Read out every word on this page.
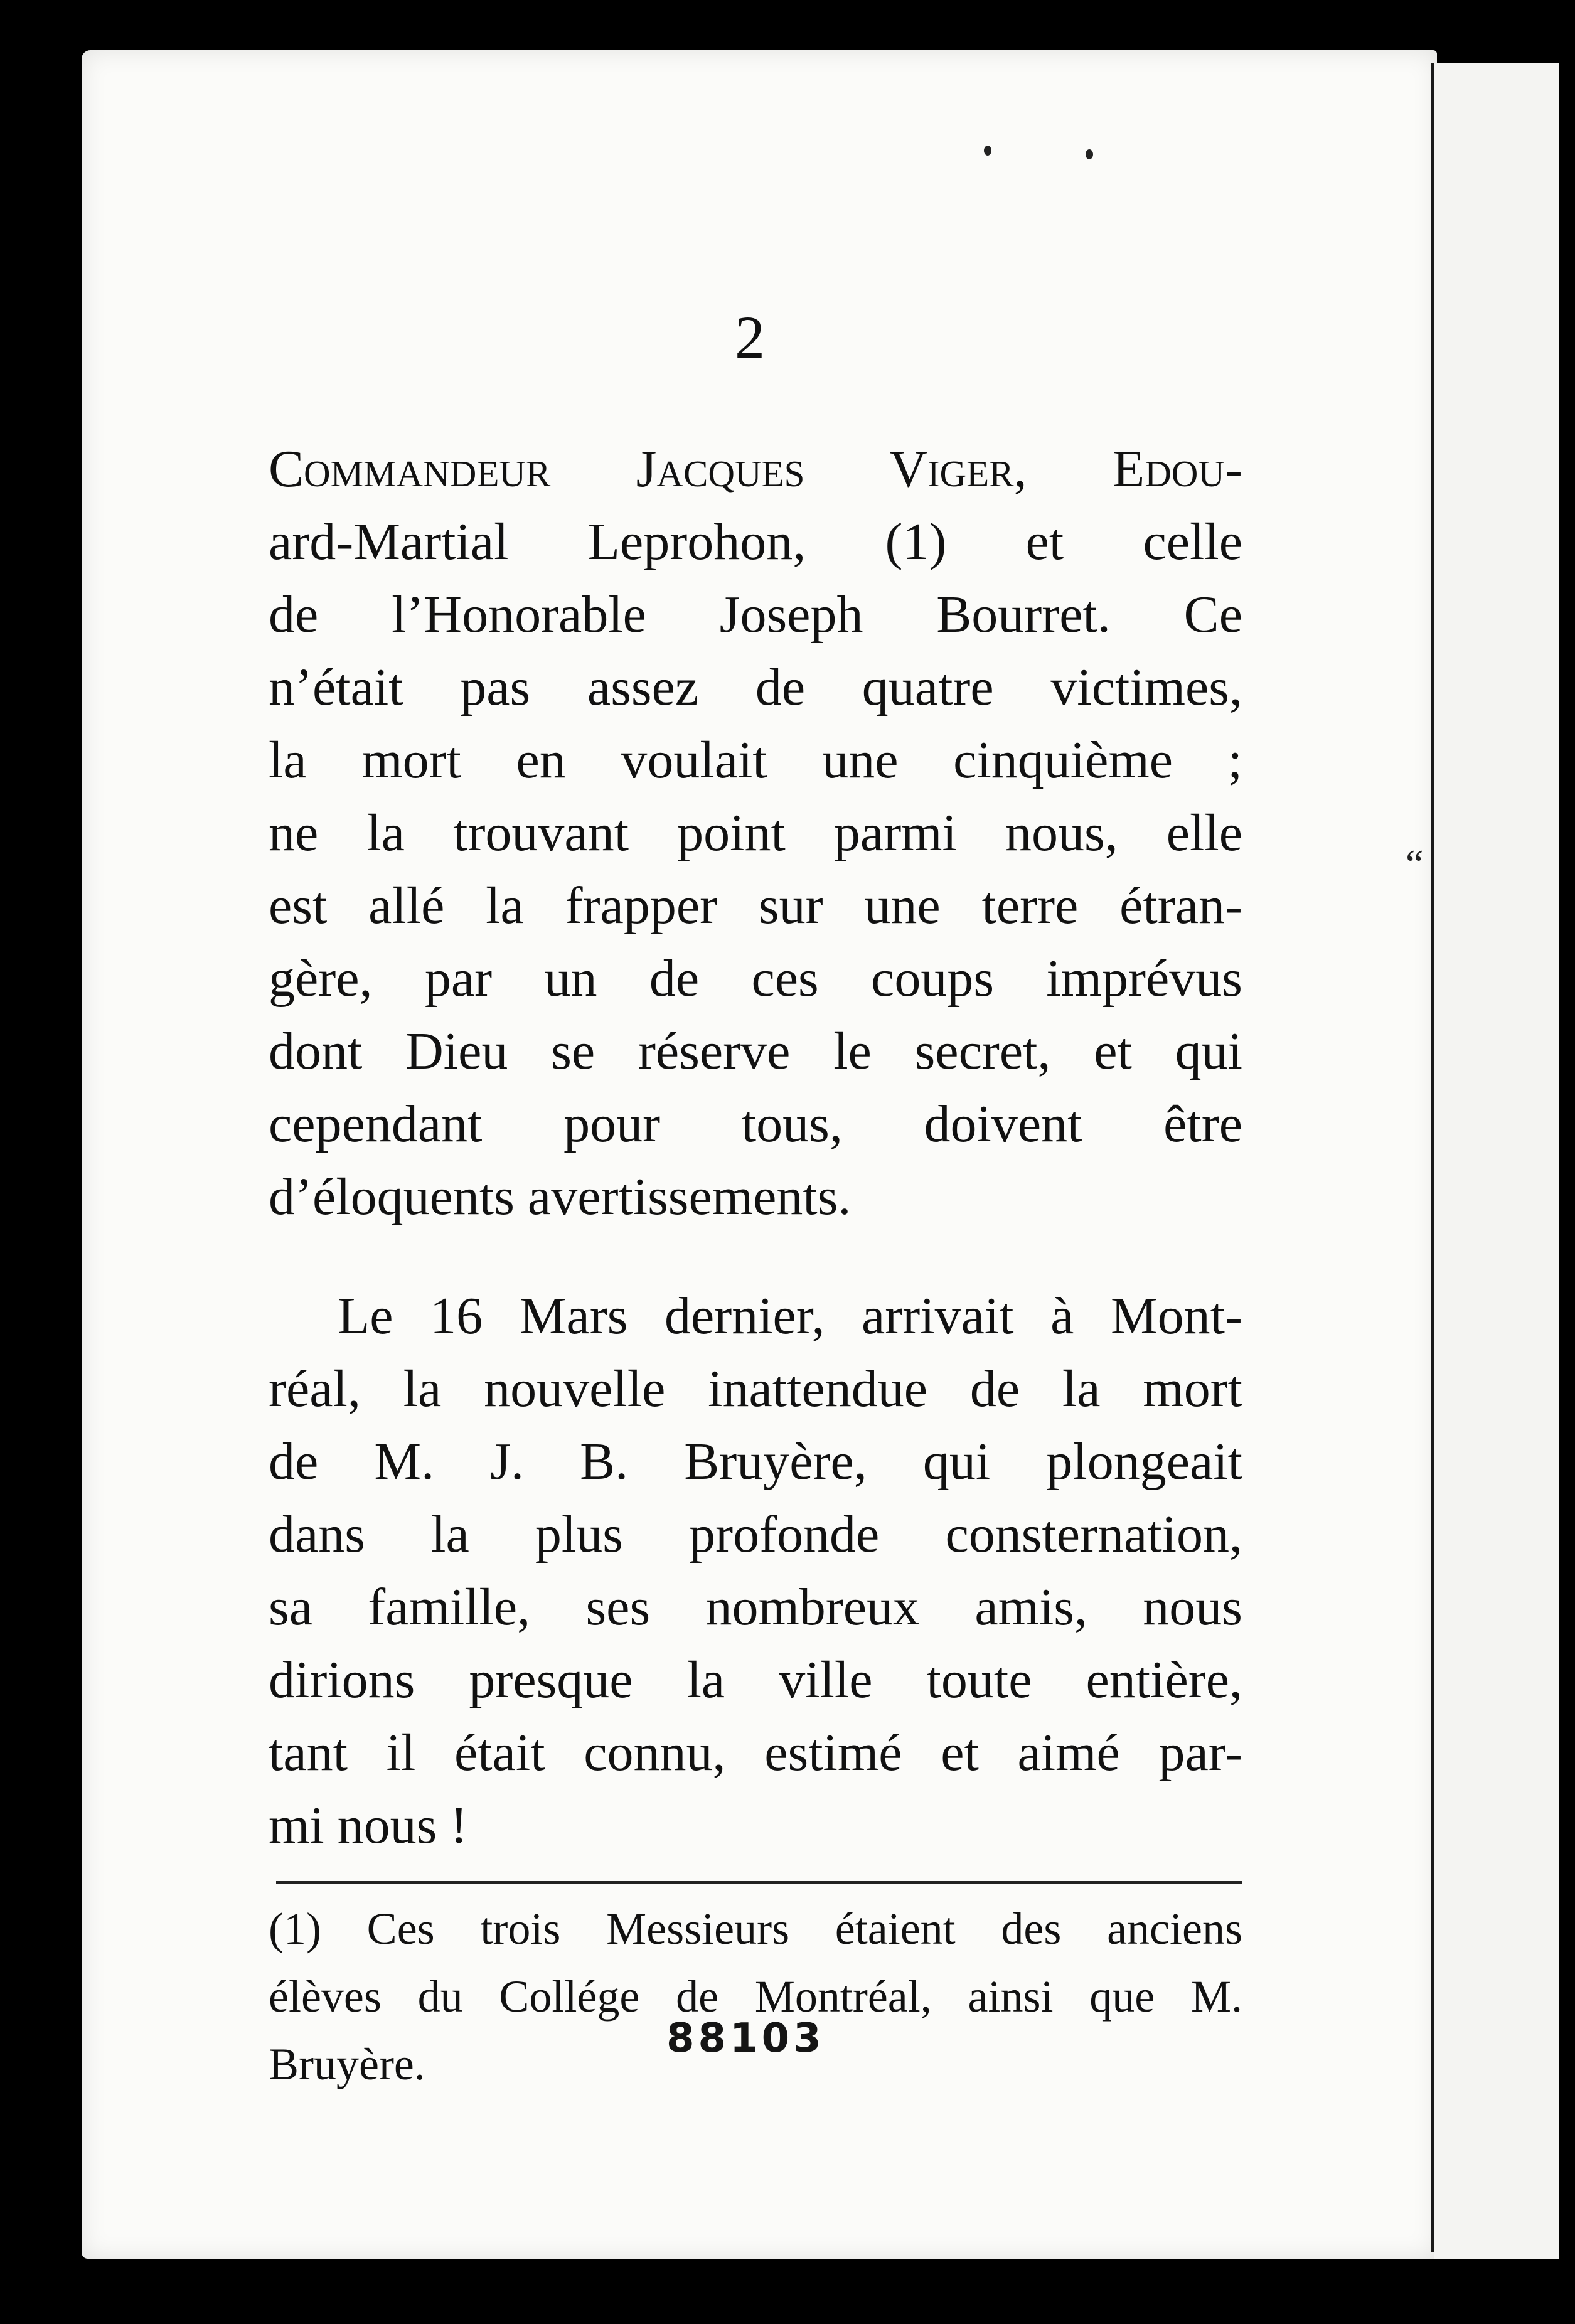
2
Commandeur Jacques Viger, Edou-
ard-Martial Leprohon, (1) et celle
de l’Honorable Joseph Bourret. Ce
n’était pas assez de quatre victimes,
la mort en voulait une cinquième ;
ne la trouvant point parmi nous, elle
est allé la frapper sur une terre étran-
gère, par un de ces coups imprévus
dont Dieu se réserve le secret, et qui
cependant pour tous, doivent être
d’éloquents avertissements.
Le 16 Mars dernier, arrivait à Mont-
réal, la nouvelle inattendue de la mort
de M. J. B. Bruyère, qui plongeait
dans la plus profonde consternation,
sa famille, ses nombreux amis, nous
dirions presque la ville toute entière,
tant il était connu, estimé et aimé par-
mi nous !
(1) Ces trois Messieurs étaient des anciens
élèves du Collége de Montréal, ainsi que M.
Bruyère.
88103
“
